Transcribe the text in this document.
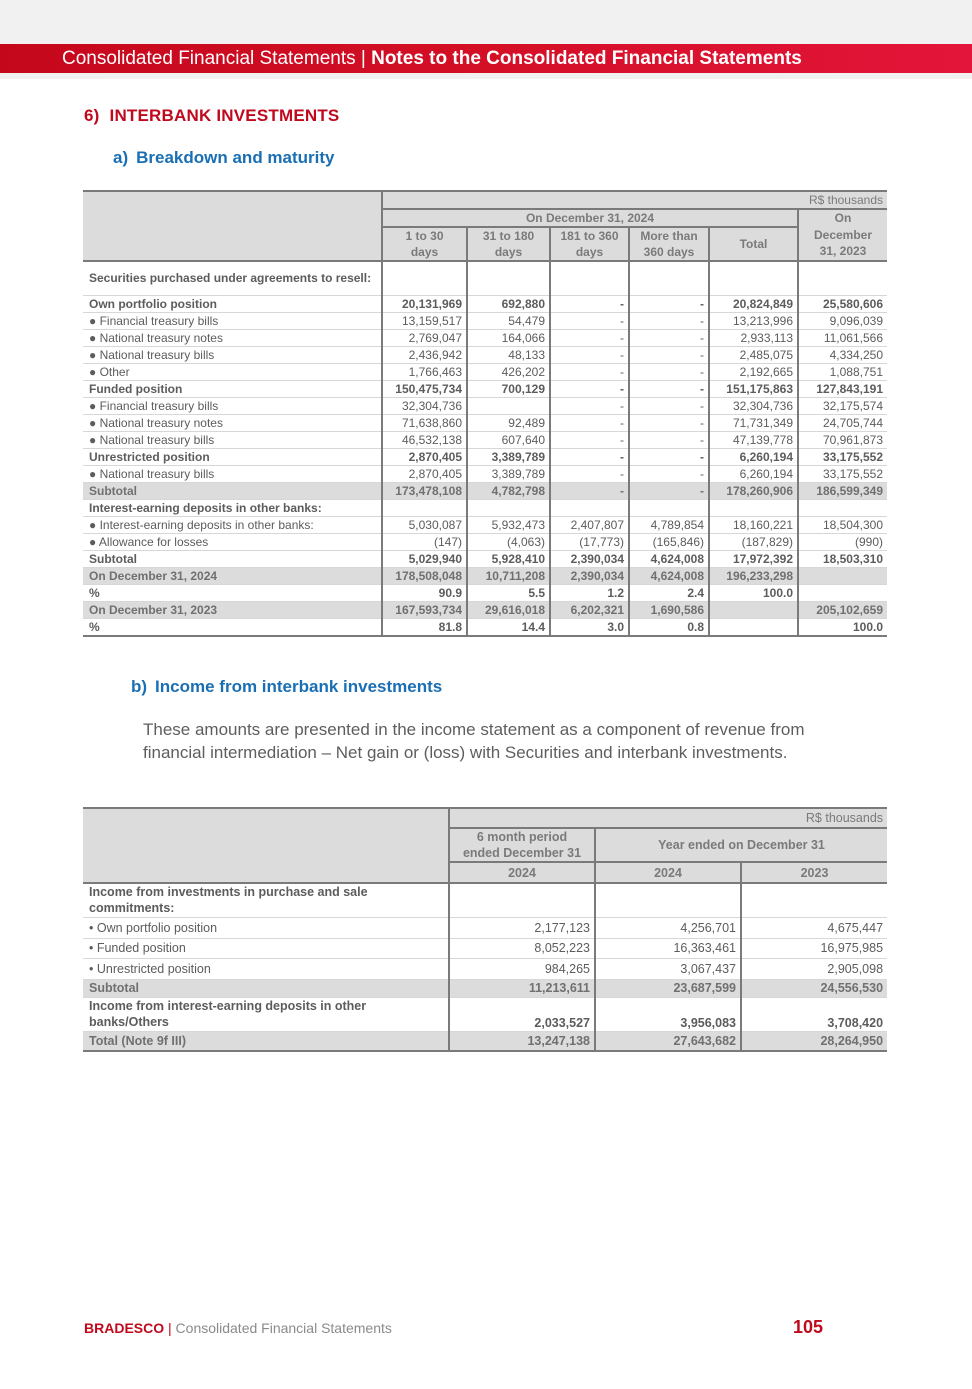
Consolidated Financial Statements | Notes to the Consolidated Financial Statements
6) INTERBANK INVESTMENTS
a) Breakdown and maturity
	R$ thousands					
	On December 31, 2024					On
December
31, 2023
	1 to 30
days	31 to 180
days	181 to 360
days	More than
360 days	Total	
Securities purchased under agreements to resell:						
Own portfolio position	20,131,969	692,880	-	-	20,824,849	25,580,606
● Financial treasury bills	13,159,517	54,479	-	-	13,213,996	9,096,039
● National treasury notes	2,769,047	164,066	-	-	2,933,113	11,061,566
● National treasury bills	2,436,942	48,133	-	-	2,485,075	4,334,250
● Other	1,766,463	426,202	-	-	2,192,665	1,088,751
Funded position	150,475,734	700,129	-	-	151,175,863	127,843,191
● Financial treasury bills	32,304,736		-	-	32,304,736	32,175,574
● National treasury notes	71,638,860	92,489	-	-	71,731,349	24,705,744
● National treasury bills	46,532,138	607,640	-	-	47,139,778	70,961,873
Unrestricted position	2,870,405	3,389,789	-	-	6,260,194	33,175,552
● National treasury bills	2,870,405	3,389,789	-	-	6,260,194	33,175,552
Subtotal	173,478,108	4,782,798	-	-	178,260,906	186,599,349
Interest-earning deposits in other banks:						
● Interest-earning deposits in other banks:	5,030,087	5,932,473	2,407,807	4,789,854	18,160,221	18,504,300
● Allowance for losses	(147)	(4,063)	(17,773)	(165,846)	(187,829)	(990)
Subtotal	5,029,940	5,928,410	2,390,034	4,624,008	17,972,392	18,503,310
On December 31, 2024	178,508,048	10,711,208	2,390,034	4,624,008	196,233,298	
%	90.9	5.5	1.2	2.4	100.0	
On December 31, 2023	167,593,734	29,616,018	6,202,321	1,690,586		205,102,659
%	81.8	14.4	3.0	0.8		100.0
b) Income from interbank investments
These amounts are presented in the income statement as a component of revenue from financial intermediation – Net gain or (loss) with Securities and interbank investments.
	R$ thousands		
	6 month period
ended December 31	Year ended on December 31	
	2024	2024	2023
Income from investments in purchase and sale
commitments:			
• Own portfolio position	2,177,123	4,256,701	4,675,447
• Funded position	8,052,223	16,363,461	16,975,985
• Unrestricted position	984,265	3,067,437	2,905,098
Subtotal	11,213,611	23,687,599	24,556,530
Income from interest-earning deposits in other
banks/Others	2,033,527	3,956,083	3,708,420
Total (Note 9f III)	13,247,138	27,643,682	28,264,950
BRADESCO | Consolidated Financial Statements	105
